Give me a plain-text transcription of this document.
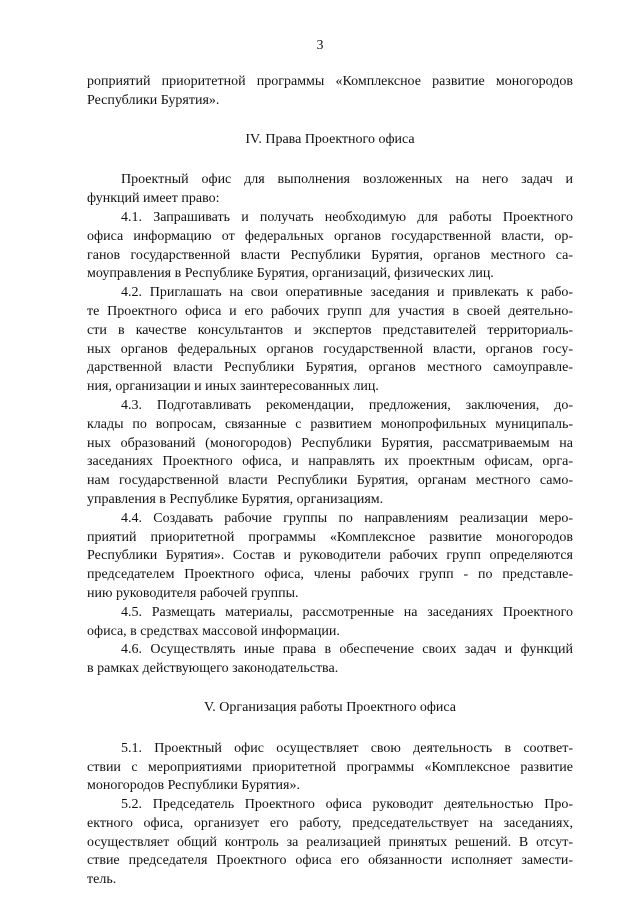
3
роприятий приоритетной программы «Комплексное развитие моногородов
Республики Бурятия».
IV. Права Проектного офиса
Проектный офис для выполнения возложенных на него задач и
функций имеет право:
4.1. Запрашивать и получать необходимую для работы Проектного
офиса информацию от федеральных органов государственной власти, ор-
ганов государственной власти Республики Бурятия, органов местного са-
моуправления в Республике Бурятия, организаций, физических лиц.
4.2. Приглашать на свои оперативные заседания и привлекать к рабо-
те Проектного офиса и его рабочих групп для участия в своей деятельно-
сти в качестве консультантов и экспертов представителей территориаль-
ных органов федеральных органов государственной власти, органов госу-
дарственной власти Республики Бурятия, органов местного самоуправле-
ния, организации и иных заинтересованных лиц.
4.3. Подготавливать рекомендации, предложения, заключения, до-
клады по вопросам, связанные с развитием монопрофильных муниципаль-
ных образований (моногородов) Республики Бурятия, рассматриваемым на
заседаниях Проектного офиса, и направлять их проектным офисам, орга-
нам государственной власти Республики Бурятия, органам местного само-
управления в Республике Бурятия, организациям.
4.4. Создавать рабочие группы по направлениям реализации меро-
приятий приоритетной программы «Комплексное развитие моногородов
Республики Бурятия». Состав и руководители рабочих групп определяются
председателем Проектного офиса, члены рабочих групп - по представле-
нию руководителя рабочей группы.
4.5. Размещать материалы, рассмотренные на заседаниях Проектного
офиса, в средствах массовой информации.
4.6. Осуществлять иные права в обеспечение своих задач и функций
в рамках действующего законодательства.
V. Организация работы Проектного офиса
5.1. Проектный офис осуществляет свою деятельность в соответ-
ствии с мероприятиями приоритетной программы «Комплексное развитие
моногородов Республики Бурятия».
5.2. Председатель Проектного офиса руководит деятельностью Про-
ектного офиса, организует его работу, председательствует на заседаниях,
осуществляет общий контроль за реализацией принятых решений. В отсут-
ствие председателя Проектного офиса его обязанности исполняет замести-
тель.
